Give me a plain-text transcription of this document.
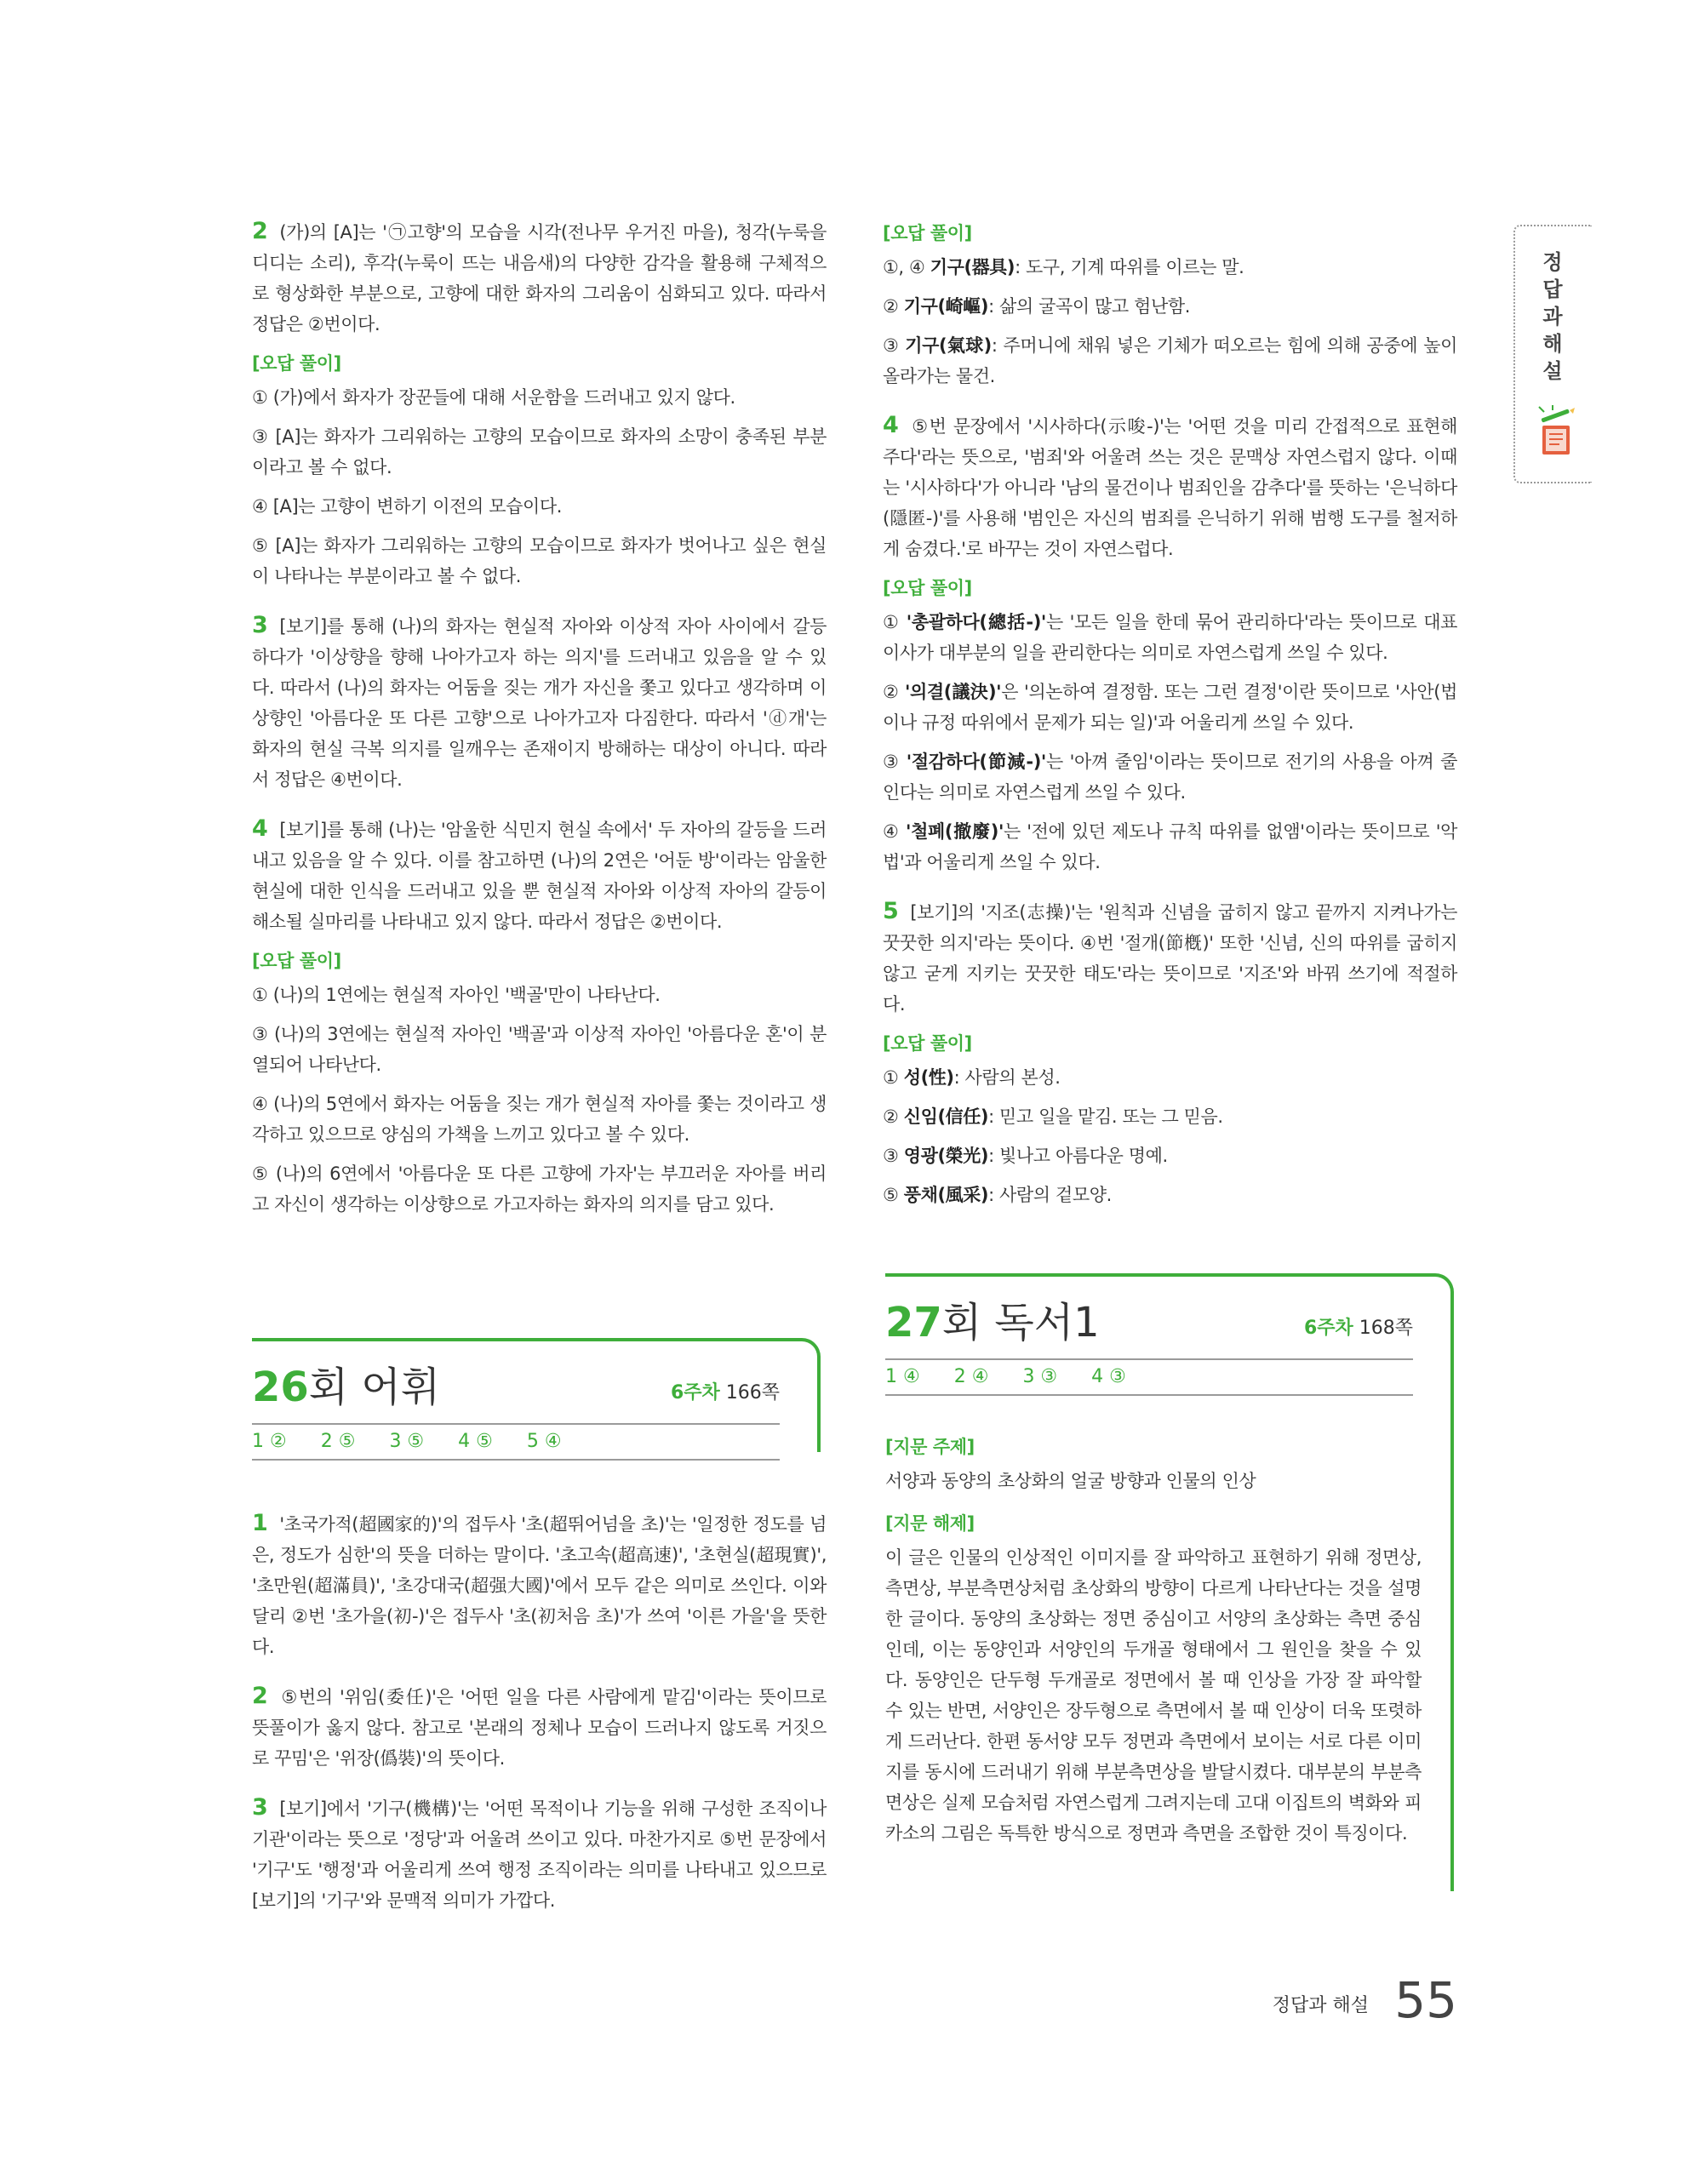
2 (가)의 [A]는 '㉠고향'의 모습을 시각(전나무 우거진 마을), 청각(누룩을 디디는 소리), 후각(누룩이 뜨는 내음새)의 다양한 감각을 활용해 구체적으로 형상화한 부분으로, 고향에 대한 화자의 그리움이 심화되고 있다. 따라서 정답은 ②번이다.

[오답 풀이]

① (가)에서 화자가 장꾼들에 대해 서운함을 드러내고 있지 않다.

③ [A]는 화자가 그리워하는 고향의 모습이므로 화자의 소망이 충족된 부분이라고 볼 수 없다.

④ [A]는 고향이 변하기 이전의 모습이다.

⑤ [A]는 화자가 그리워하는 고향의 모습이므로 화자가 벗어나고 싶은 현실이 나타나는 부분이라고 볼 수 없다.

3 [보기]를 통해 (나)의 화자는 현실적 자아와 이상적 자아 사이에서 갈등하다가 '이상향을 향해 나아가고자 하는 의지'를 드러내고 있음을 알 수 있다. 따라서 (나)의 화자는 어둠을 짖는 개가 자신을 쫓고 있다고 생각하며 이상향인 '아름다운 또 다른 고향'으로 나아가고자 다짐한다. 따라서 'ⓓ개'는 화자의 현실 극복 의지를 일깨우는 존재이지 방해하는 대상이 아니다. 따라서 정답은 ④번이다.

4 [보기]를 통해 (나)는 '암울한 식민지 현실 속에서' 두 자아의 갈등을 드러내고 있음을 알 수 있다. 이를 참고하면 (나)의 2연은 '어둔 방'이라는 암울한 현실에 대한 인식을 드러내고 있을 뿐 현실적 자아와 이상적 자아의 갈등이 해소될 실마리를 나타내고 있지 않다. 따라서 정답은 ②번이다.

[오답 풀이]

① (나)의 1연에는 현실적 자아인 '백골'만이 나타난다.

③ (나)의 3연에는 현실적 자아인 '백골'과 이상적 자아인 '아름다운 혼'이 분열되어 나타난다.

④ (나)의 5연에서 화자는 어둠을 짖는 개가 현실적 자아를 쫓는 것이라고 생각하고 있으므로 양심의 가책을 느끼고 있다고 볼 수 있다.

⑤ (나)의 6연에서 '아름다운 또 다른 고향에 가자'는 부끄러운 자아를 버리고 자신이 생각하는 이상향으로 가고자하는 화자의 의지를 담고 있다.

26회 어휘	6주차 166쪽
1 ② 2 ⑤ 3 ⑤ 4 ⑤ 5 ④

1 '초국가적(超國家的)'의 접두사 '초(超뛰어넘을 초)'는 '일정한 정도를 넘은, 정도가 심한'의 뜻을 더하는 말이다. '초고속(超高速)', '초현실(超現實)', '초만원(超滿員)', '초강대국(超强大國)'에서 모두 같은 의미로 쓰인다. 이와 달리 ②번 '초가을(初-)'은 접두사 '초(初처음 초)'가 쓰여 '이른 가을'을 뜻한다.

2 ⑤번의 '위임(委任)'은 '어떤 일을 다른 사람에게 맡김'이라는 뜻이므로 뜻풀이가 옳지 않다. 참고로 '본래의 정체나 모습이 드러나지 않도록 거짓으로 꾸밈'은 '위장(僞裝)'의 뜻이다.

3 [보기]에서 '기구(機構)'는 '어떤 목적이나 기능을 위해 구성한 조직이나 기관'이라는 뜻으로 '정당'과 어울려 쓰이고 있다. 마찬가지로 ⑤번 문장에서 '기구'도 '행정'과 어울리게 쓰여 행정 조직이라는 의미를 나타내고 있으므로 [보기]의 '기구'와 문맥적 의미가 가깝다.

[오답 풀이]

①, ④ 기구(器具): 도구, 기계 따위를 이르는 말.

② 기구(崎嶇): 삶의 굴곡이 많고 험난함.

③ 기구(氣球): 주머니에 채워 넣은 기체가 떠오르는 힘에 의해 공중에 높이 올라가는 물건.

4 ⑤번 문장에서 '시사하다(示唆-)'는 '어떤 것을 미리 간접적으로 표현해 주다'라는 뜻으로, '범죄'와 어울려 쓰는 것은 문맥상 자연스럽지 않다. 이때는 '시사하다'가 아니라 '남의 물건이나 범죄인을 감추다'를 뜻하는 '은닉하다(隱匿-)'를 사용해 '범인은 자신의 범죄를 은닉하기 위해 범행 도구를 철저하게 숨겼다.'로 바꾸는 것이 자연스럽다.

[오답 풀이]

① '총괄하다(總括-)'는 '모든 일을 한데 묶어 관리하다'라는 뜻이므로 대표 이사가 대부분의 일을 관리한다는 의미로 자연스럽게 쓰일 수 있다.

② '의결(議決)'은 '의논하여 결정함. 또는 그런 결정'이란 뜻이므로 '사안(법이나 규정 따위에서 문제가 되는 일)'과 어울리게 쓰일 수 있다.

③ '절감하다(節減-)'는 '아껴 줄임'이라는 뜻이므로 전기의 사용을 아껴 줄인다는 의미로 자연스럽게 쓰일 수 있다.

④ '철폐(撤廢)'는 '전에 있던 제도나 규칙 따위를 없앰'이라는 뜻이므로 '악법'과 어울리게 쓰일 수 있다.

5 [보기]의 '지조(志操)'는 '원칙과 신념을 굽히지 않고 끝까지 지켜나가는 꿋꿋한 의지'라는 뜻이다. ④번 '절개(節槪)' 또한 '신념, 신의 따위를 굽히지 않고 굳게 지키는 꿋꿋한 태도'라는 뜻이므로 '지조'와 바꿔 쓰기에 적절하다.

[오답 풀이]

① 성(性): 사람의 본성.

② 신임(信任): 믿고 일을 맡김. 또는 그 믿음.

③ 영광(榮光): 빛나고 아름다운 명예.

⑤ 풍채(風采): 사람의 겉모양.

27회 독서1	6주차 168쪽
1 ④ 2 ④ 3 ③ 4 ③

[지문 주제]

서양과 동양의 초상화의 얼굴 방향과 인물의 인상

[지문 해제]

이 글은 인물의 인상적인 이미지를 잘 파악하고 표현하기 위해 정면상, 측면상, 부분측면상처럼 초상화의 방향이 다르게 나타난다는 것을 설명한 글이다. 동양의 초상화는 정면 중심이고 서양의 초상화는 측면 중심인데, 이는 동양인과 서양인의 두개골 형태에서 그 원인을 찾을 수 있다. 동양인은 단두형 두개골로 정면에서 볼 때 인상을 가장 잘 파악할 수 있는 반면, 서양인은 장두형으로 측면에서 볼 때 인상이 더욱 또렷하게 드러난다. 한편 동서양 모두 정면과 측면에서 보이는 서로 다른 이미지를 동시에 드러내기 위해 부분측면상을 발달시켰다. 대부분의 부분측면상은 실제 모습처럼 자연스럽게 그려지는데 고대 이집트의 벽화와 피카소의 그림은 독특한 방식으로 정면과 측면을 조합한 것이 특징이다.

정답과 해설
정답과 해설 55
